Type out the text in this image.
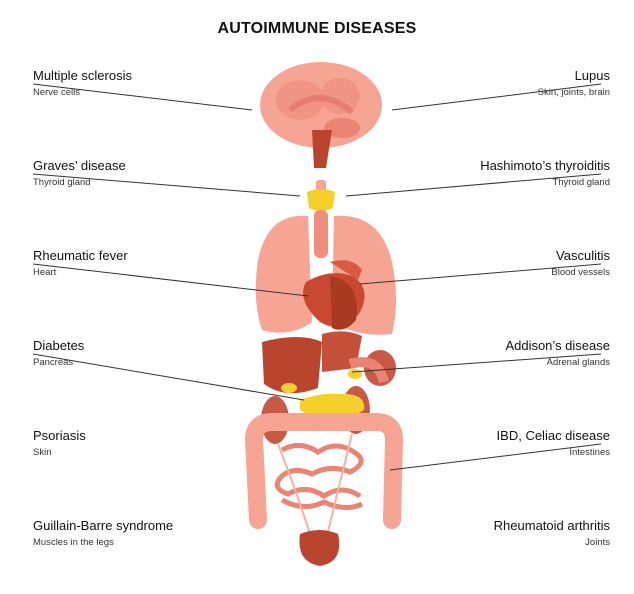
AUTOIMMUNE DISEASES
Multiple sclerosis
Nerve cells
Graves’ disease
Thyroid gland
Rheumatic fever
Heart
Diabetes
Pancreas
Psoriasis
Skin
Guillain-Barre syndrome
Muscles in the legs
Lupus
Skin, joints, brain
Hashimoto’s thyroiditis
Thyroid gland
Vasculitis
Blood vessels
Addison’s disease
Adrenal glands
IBD, Celiac disease
Intestines
Rheumatoid arthritis
Joints
